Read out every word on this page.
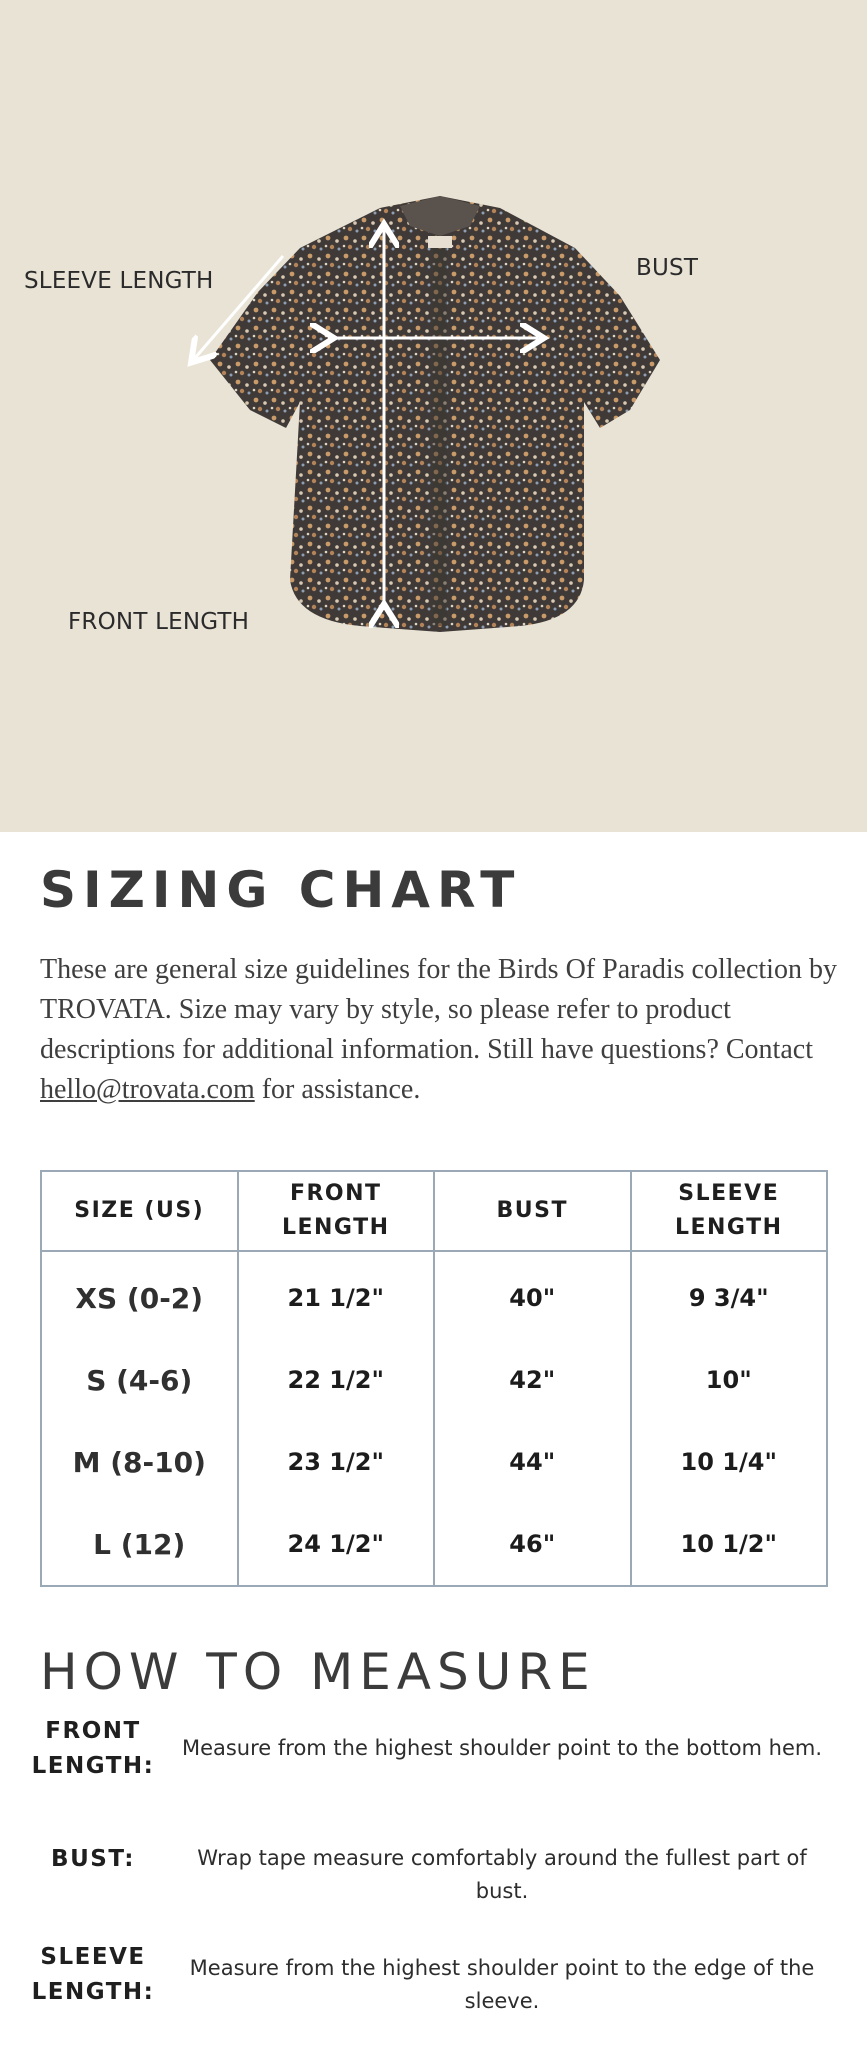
SLEEVE LENGTH	BUST
FRONT LENGTH
SIZING CHART

These are general size guidelines for the Birds Of Paradis collection by TROVATA. Size may vary by style, so please refer to product descriptions for additional information. Still have questions? Contact hello@trovata.com for assistance.

SIZE (US)	FRONT LENGTH	BUST	SLEEVE LENGTH
XS (0-2)	21 1/2"	40"	9 3/4"
S (4-6)	22 1/2"	42"	10"
M (8-10)	23 1/2"	44"	10 1/4"
L (12)	24 1/2"	46"	10 1/2"
HOW TO MEASURE
FRONT LENGTH:
Measure from the highest shoulder point to the bottom hem.
BUST:	Wrap tape measure comfortably around the fullest part of bust.
SLEEVE LENGTH:
Measure from the highest shoulder point to the edge of the sleeve.
